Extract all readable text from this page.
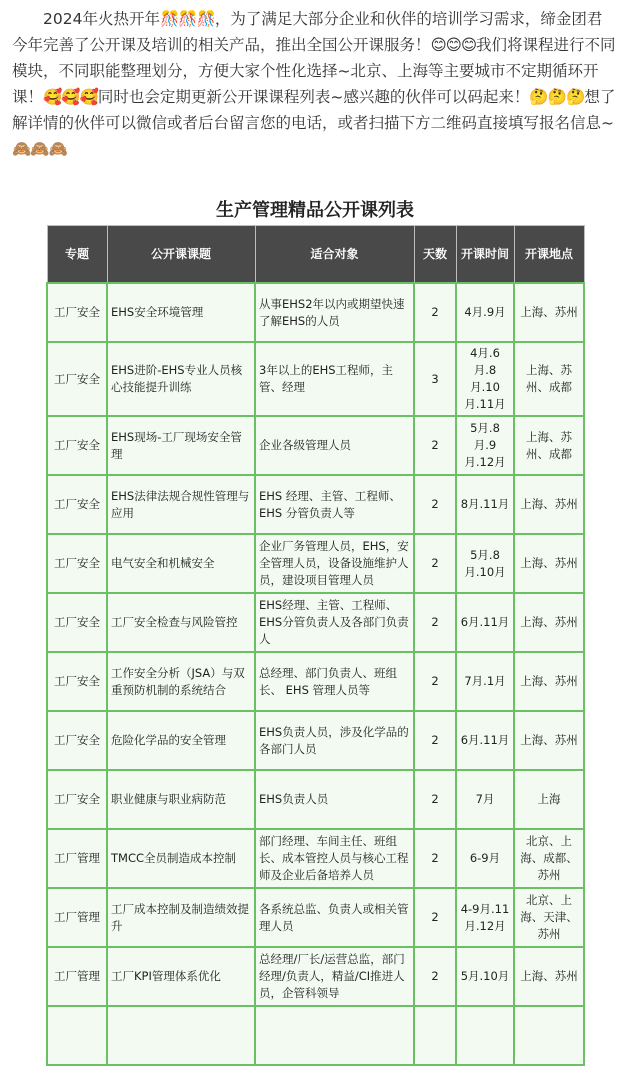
2024年火热开年🎊🎊🎊，为了满足大部分企业和伙伴的培训学习需求，缔金团君今年完善了公开课及培训的相关产品，推出全国公开课服务！😊😊😊我们将课程进行不同模块，不同职能整理划分，方便大家个性化选择~北京、上海等主要城市不定期循环开课！🥰🥰🥰同时也会定期更新公开课课程列表~感兴趣的伙伴可以码起来！🤔🤔🤔想了解详情的伙伴可以微信或者后台留言您的电话，或者扫描下方二维码直接填写报名信息~🙈🙈🙈
生产管理精品公开课列表
专题	公开课课题	适合对象	天数	开课时间	开课地点
工厂安全	EHS安全环境管理	从事EHS2年以内或期望快速了解EHS的人员	2	4月.9月	上海、苏州
工厂安全	EHS进阶-EHS专业人员核心技能提升训练	3年以上的EHS工程师，主管、经理	3	4月.6月.8月.10月.11月	上海、苏州、成都
工厂安全	EHS现场-工厂现场安全管理	企业各级管理人员	2	5月.8月.9月.12月	上海、苏州、成都
工厂安全	EHS法律法规合规性管理与应用	EHS 经理、主管、工程师、EHS 分管负责人等	2	8月.11月	上海、苏州
工厂安全	电气安全和机械安全	企业厂务管理人员，EHS，安全管理人员，设备设施维护人员，建设项目管理人员	2	5月.8月.10月	上海、苏州
工厂安全	工厂安全检查与风险管控	EHS经理、主管、工程师、EHS分管负责人及各部门负责人	2	6月.11月	上海、苏州
工厂安全	工作安全分析（JSA）与双重预防机制的系统结合	总经理、部门负责人、班组长、 EHS 管理人员等	2	7月.1月	上海、苏州
工厂安全	危险化学品的安全管理	EHS负责人员，涉及化学品的各部门人员	2	6月.11月	上海、苏州
工厂安全	职业健康与职业病防范	EHS负责人员	2	7月	上海
工厂管理	TMCC全员制造成本控制	部门经理、车间主任、班组长、成本管控人员与核心工程师及企业后备培养人员	2	6-9月	北京、上海、成都、苏州
工厂管理	工厂成本控制及制造绩效提升	各系统总监、负责人或相关管理人员	2	4-9月.11月.12月	北京、上海、天津、苏州
工厂管理	工厂KPI管理体系优化	总经理/厂长/运营总监，部门经理/负责人，精益/CI推进人员，企管科领导	2	5月.10月	上海、苏州
